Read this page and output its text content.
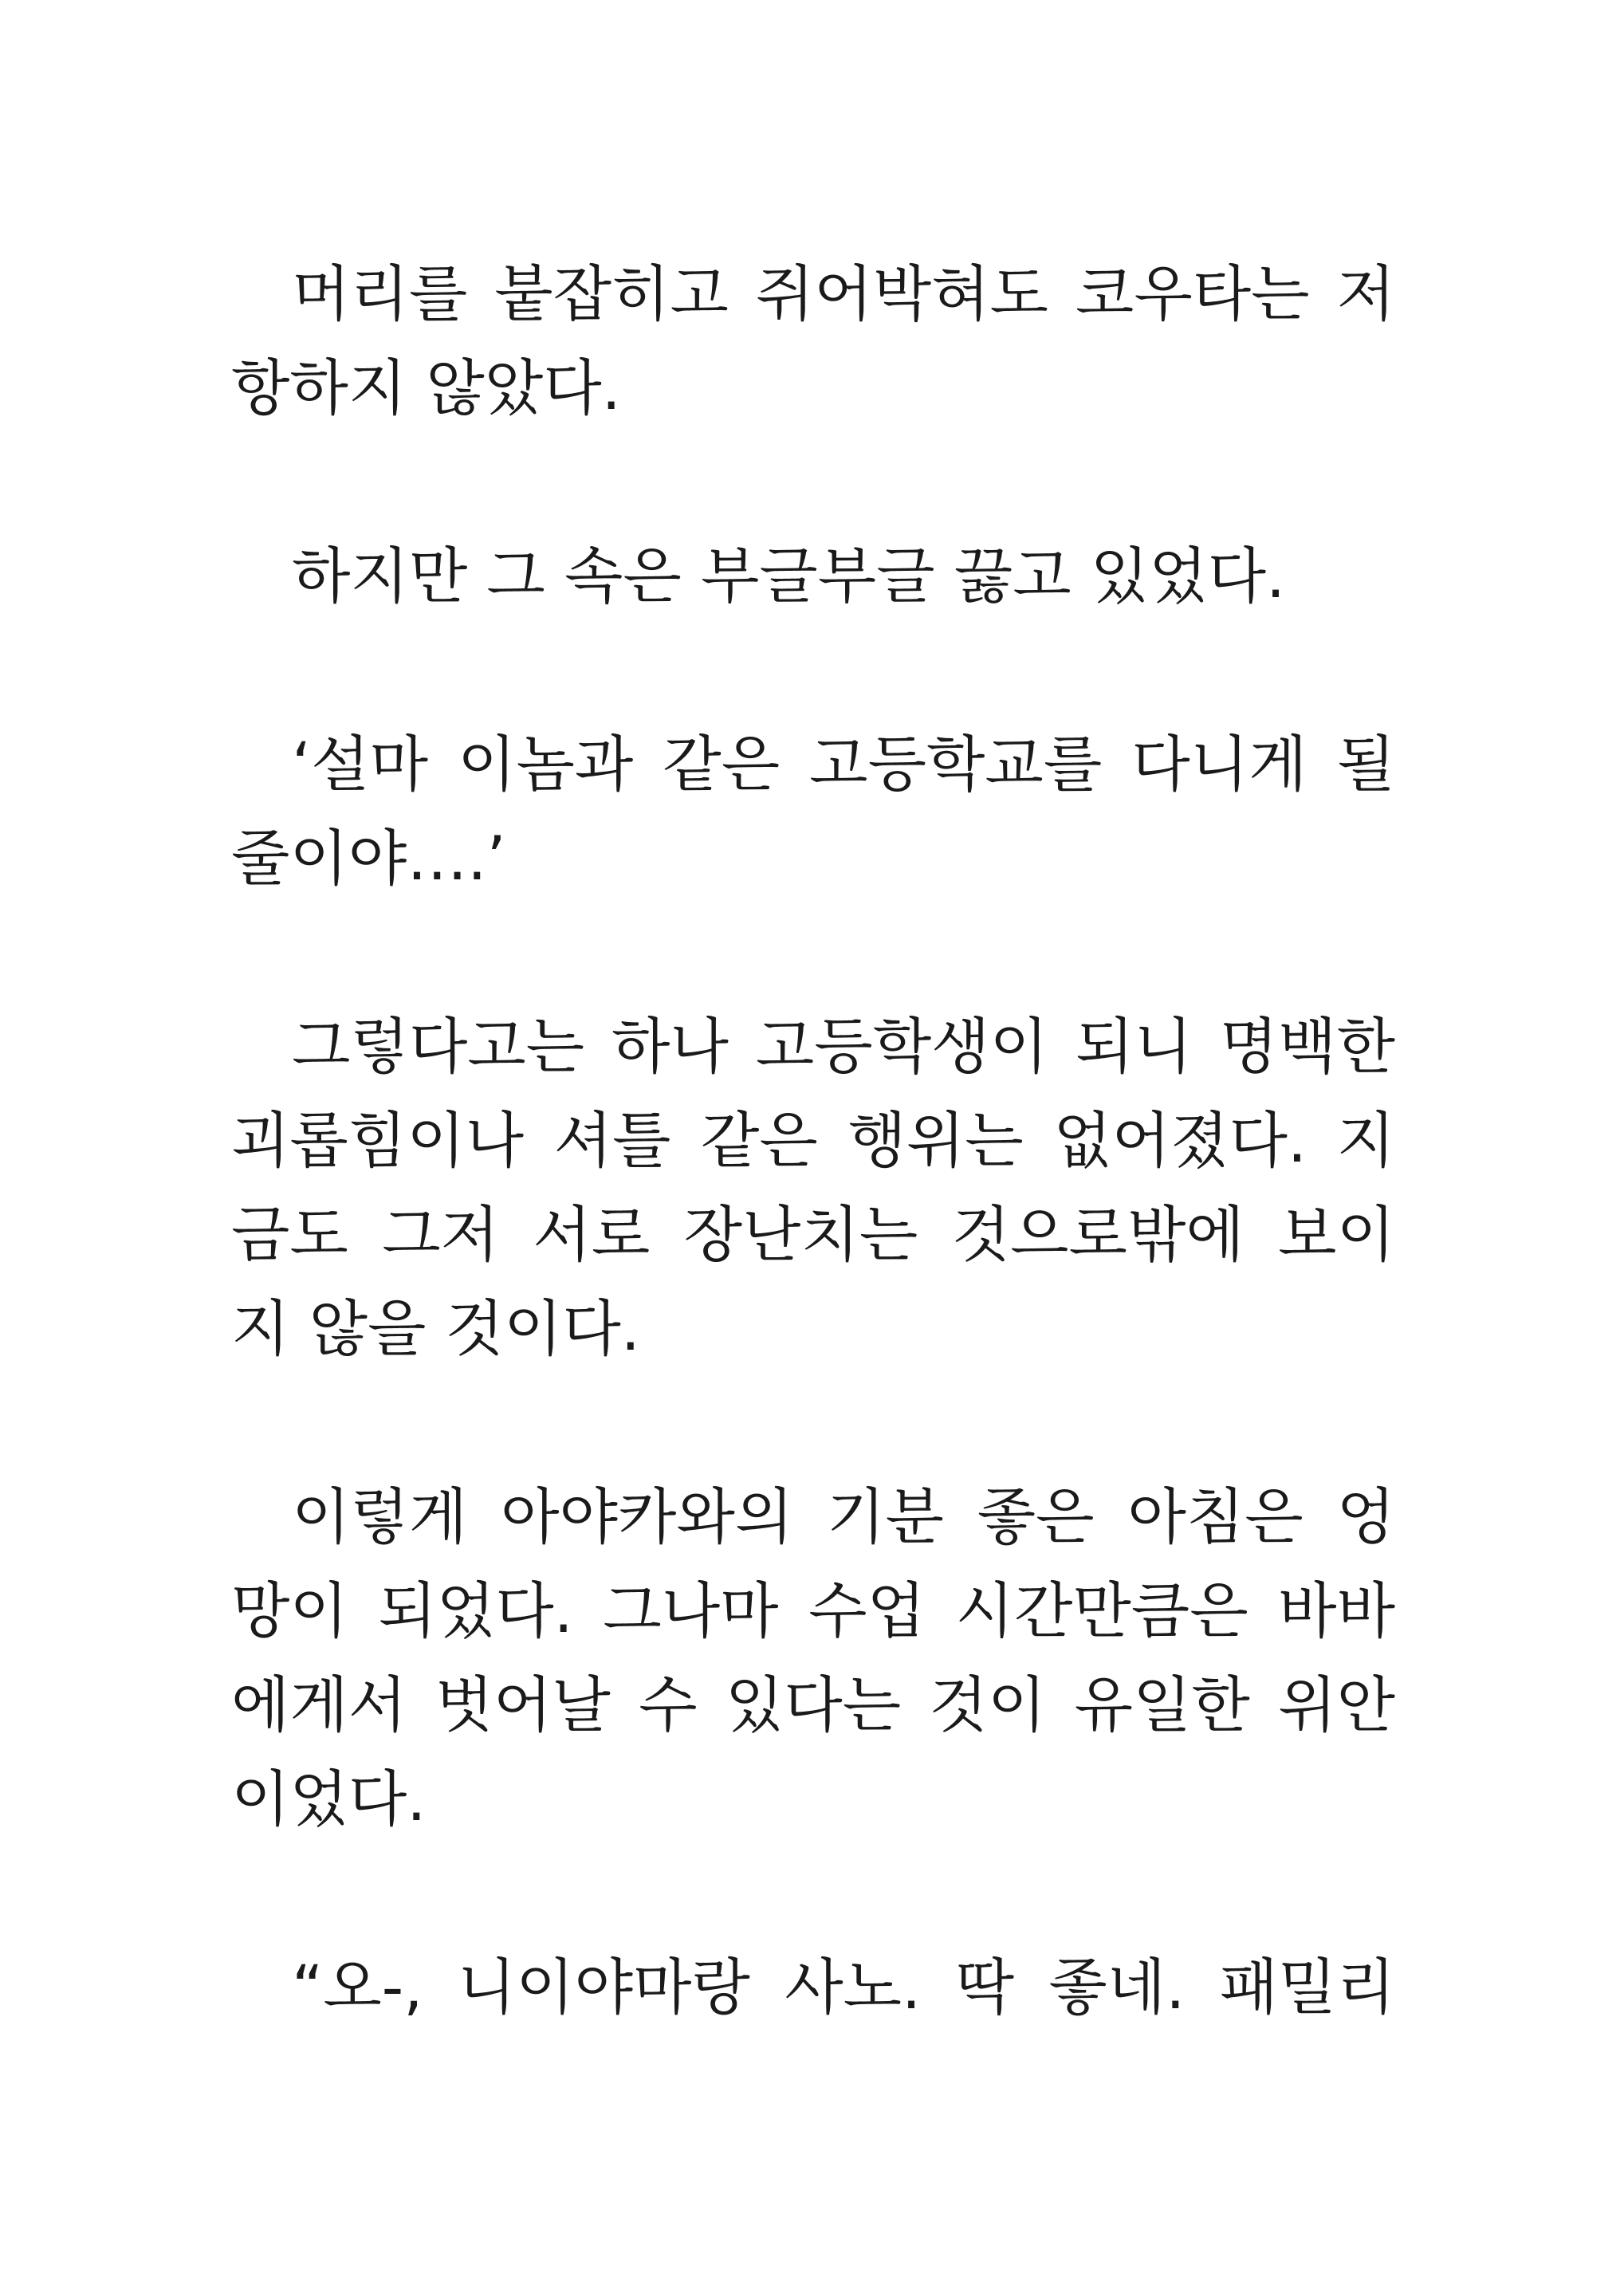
머리를 붙잡히고 쥐어박혀도 코우타는 저
항하지 않았다.

하지만 그 속은 부글부글 끓고 있었다.

‘설마 이놈과 같은 고등학교를 다니게 될
줄이야….’

그렇다고는 하나 고등학생이 되니 명백한
괴롭힘이나 셔틀 같은 행위는 없어졌다. 지
금도 그저 서로 장난치는 것으로밖에 보이
지 않을 것이다.

이렇게 아야카와의 기분 좋은 아침은 엉
망이 되었다. 그나마 수업 시간만큼은 바바
에게서 벗어날 수 있다는 것이 유일한 위안
이었다.

“오-, 니이야마랑 사노. 딱 좋네. 패밀리
